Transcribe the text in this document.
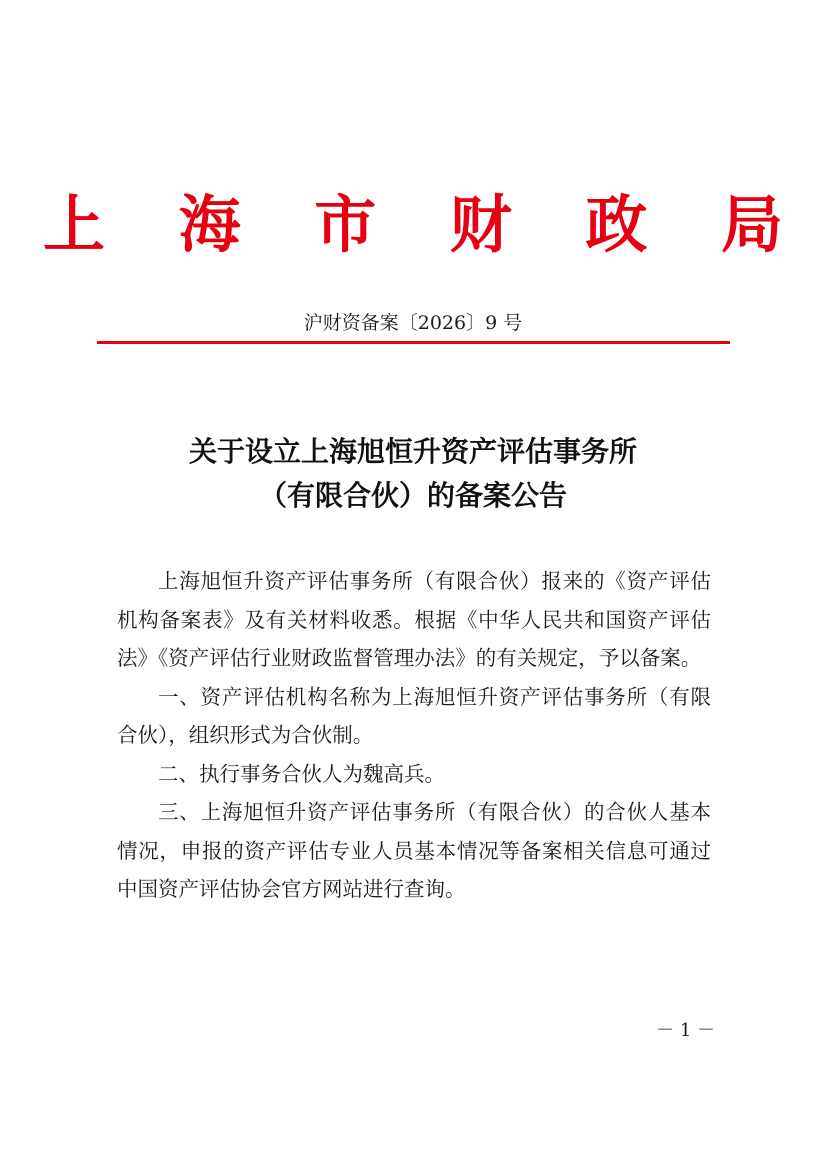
上 海 市 财 政 局
沪财资备案〔2026〕9 号
关于设立上海旭恒升资产评估事务所
（有限合伙）的备案公告

上海旭恒升资产评估事务所（有限合伙）报来的《资产评估机构备案表》及有关材料收悉。根据《中华人民共和国资产评估法》《资产评估行业财政监督管理办法》的有关规定，予以备案。

一、资产评估机构名称为上海旭恒升资产评估事务所（有限合伙），组织形式为合伙制。

二、执行事务合伙人为魏高兵。

三、上海旭恒升资产评估事务所（有限合伙）的合伙人基本情况，申报的资产评估专业人员基本情况等备案相关信息可通过中国资产评估协会官方网站进行查询。

－ 1 －
